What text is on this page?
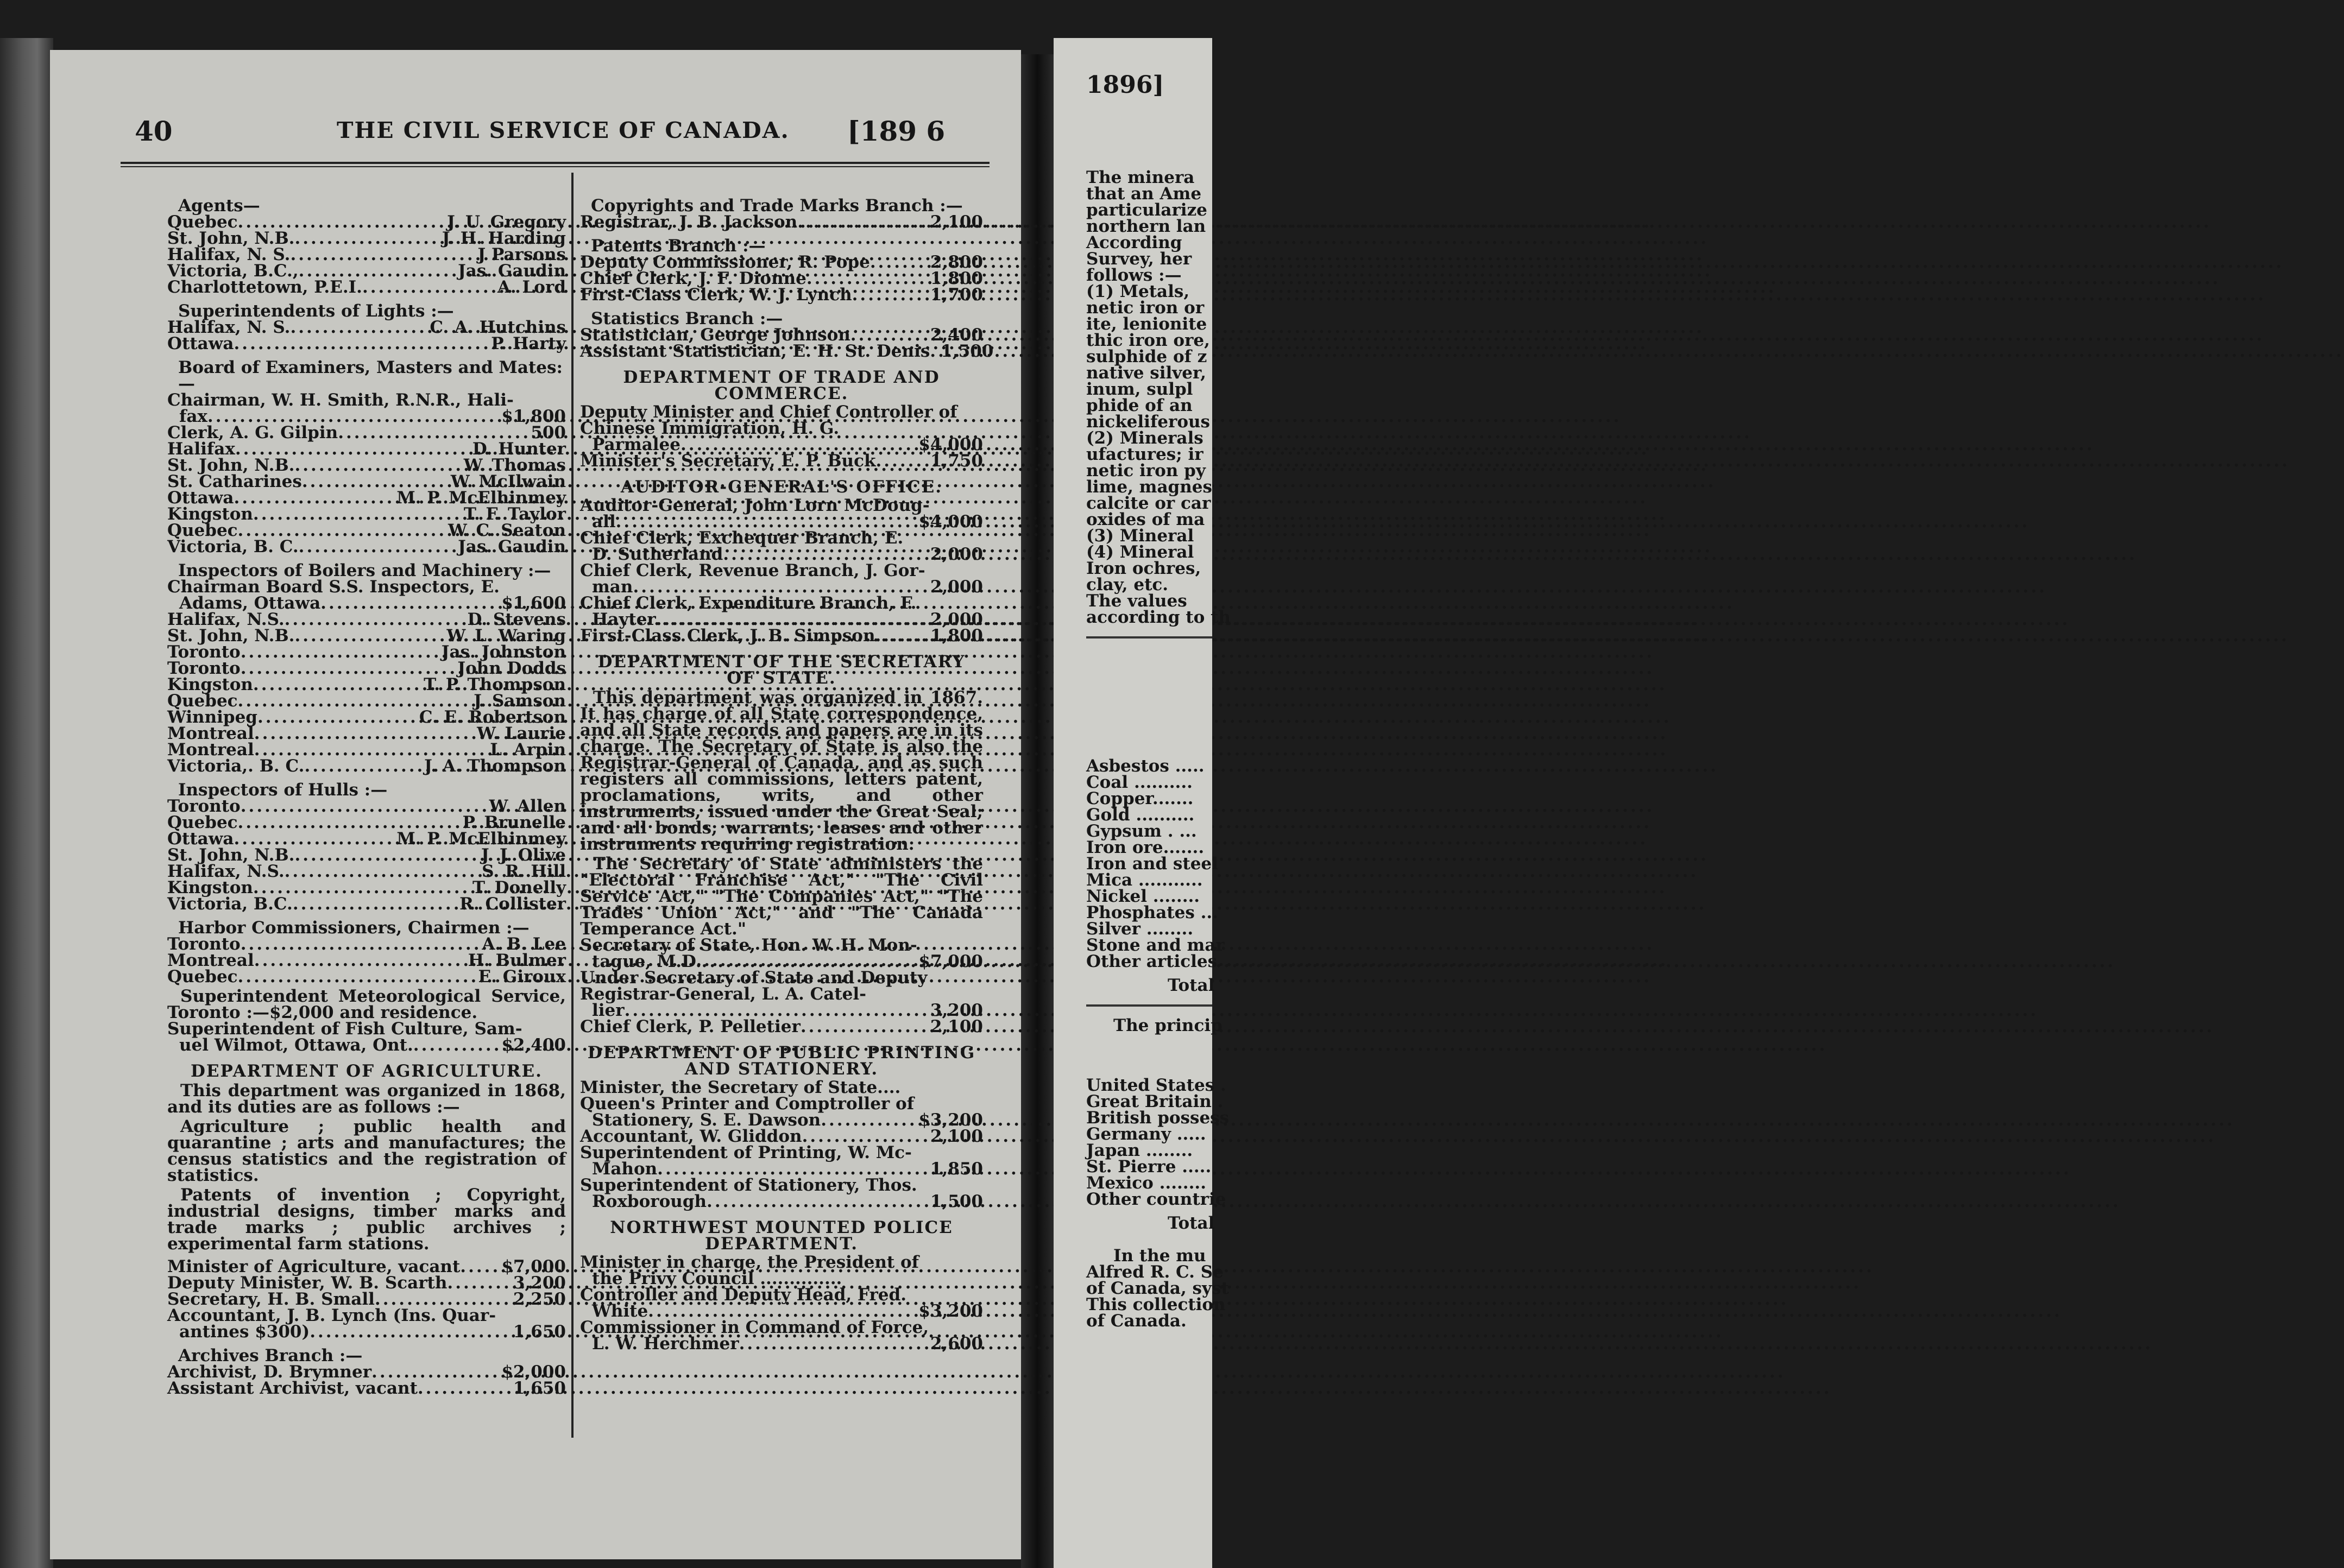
40	THE CIVIL SERVICE OF CANADA. [189 6
Agents—
Quebec .....	J. U. Gregory
St. John, N.B. .....	J. H. Harding
Halifax, N. S. .....	J Parsons
Victoria, B.C., .....	Jas. Gaudin
Charlottetown, P.E.I. .....	A. Lord
Superintendents of Lights :—
Halifax, N. S. .....	C. A. Hutchins
Ottawa .....	P. Harty
Board of Examiners, Masters and Mates:—
Chairman, W. H. Smith, R.N.R., Hali-
fax .....	$1,800
Clerk, A. G. Gilpin .....	500
Halifax .....	D. Hunter
St. John, N.B. .....	W. Thomas
St. Catharines .....	W. McIlwain
Ottawa .....	M. P. McElhinmey
Kingston .....	T. F. Taylor
Quebec .....	W. C. Seaton
Victoria, B. C. .....	Jas. Gaudin
Inspectors of Boilers and Machinery :—
Chairman Board S.S. Inspectors, E.
Adams, Ottawa .....	$1,600
Halifax, N.S. .....	D. Stevens
St. John, N.B. .....	W. L. Waring
Toronto .....	Jas. Johnston
Toronto .....	John Dodds
Kingston .....	T. P. Thompson
Quebec .....	J. Samson
Winnipeg .....	C. E. Robertson
Montreal .....	W. Laurie
Montreal .....	L. Arpin
Victoria,. B. C. .....	J. A. Thompson
Inspectors of Hulls :—
Toronto .....	W. Allen
Quebec .....	P. Brunelle
Ottawa .....	M. P. McElhinmey
St. John, N.B. .....	J. J. Olive
Halifax, N.S. .....	S. R. Hill
Kingston .....	T. Donelly
Victoria, B.C. .....	R. Collister
Harbor Commissioners, Chairmen :—
Toronto .....	A. B. Lee
Montreal .....	H. Bulmer
Quebec .....	E. Giroux
Superintendent Meteorological Service, Toronto :—$2,000 and residence.
Superintendent of Fish Culture, Sam-
uel Wilmot, Ottawa, Ont. .....	$2,400
DEPARTMENT OF AGRICULTURE.
This department was organized in 1868, and its duties are as follows :—
Agriculture ; public health and quarantine ; arts and manufactures; the census statistics and the registration of statistics.
Patents of invention ; Copyright, industrial designs, timber marks and trade marks ; public archives ; experimental farm stations.
Minister of Agriculture, vacant ..... $7,000
Deputy Minister, W. B. Scarth .....	3,200
Secretary, H. B. Small .....	2,250
Accountant, J. B. Lynch (Ins. Quar-
antines $300) .....	1,650
Archives Branch :—
Archivist, D. Brymner .....	$2,000
Assistant Archivist, vacant .....	1,650
Copyrights and Trade Marks Branch :—
Registrar, J. B. Jackson .....	2,100
Patents Branch :—
Deputy Commissioner, R. Pope .....	2,800
Chief Clerk, J. F. Dionne .....	1,800
First-Class Clerk, W. J. Lynch .....	1,700
Statistics Branch :—
Statistician, George Johnson .....	2,400
Assistant Statistician, E. H. St. Denis ..... 1,500
DEPARTMENT OF TRADE AND COMMERCE.
Deputy Minister and Chief Controller of Chinese Immigration, H. G.
Parmalee .....	$4,000
Minister's Secretary, E. P. Buck .....	1,750
AUDITOR-GENERAL'S OFFICE.
Auditor-General, John Lorn McDoug-
all .....	$4,000
Chief Clerk, Exchequer Branch, E.
D. Sutherland .....	2,000
Chief Clerk, Revenue Branch, J. Gor-
man .....	2,000
Chief Clerk, Expenditure Branch, F.
Hayter .....	2,000
First-Class Clerk, J. B. Simpson .....	1,800
DEPARTMENT OF THE SECRETARY OF STATE.
This department was organized in 1867. It has charge of all State correspondence, and all State records and papers are in its charge. The Secretary of State is also the Registrar-General of Canada, and as such registers all commissions, letters patent, proclamations, writs, and other instruments, issued under the Great Seal; and all bonds, warrants, leases and other instruments requiring registration.
The Secretary of State administers the "Electoral Franchise Act," "The Civil Service Act," "The Companies Act," "The Trades Union Act," and "The Canada Temperance Act."
Secretary of State, Hon. W. H. Mon-
tague, M.D. .....	$7,000
Under Secretary of State and Deputy Registrar-General, L. A. Catel-
lier .....	3,200
Chief Clerk, P. Pelletier .....	2,100
DEPARTMENT OF PUBLIC PRINTING AND STATIONERY.
Minister, the Secretary of State....
Queen's Printer and Comptroller of
Stationery, S. E. Dawson .....	$3,200
Accountant, W. Gliddon .....	2,100
Superintendent of Printing, W. Mc-
Mahon .....	1,850
Superintendent of Stationery, Thos.
Roxborough .....	1,500
NORTHWEST MOUNTED POLICE DEPARTMENT.
Minister in charge, the President of
the Privy Council ..............
Controller and Deputy Head, Fred.
White .....	$3,200
Commissioner in Command of Force,
L. W. Herchmer .....	2,600
1896]
The minera
that an Ame
particularize
northern lan
According
Survey, her
follows :—
(1) Metals,
netic iron or
ite, lenionite
thic iron ore,
sulphide of z
native silver,
inum, sulpl
phide of an
nickeliferous
(2) Minerals
ufactures; ir
netic iron py
lime, magnes
calcite or car
oxides of ma
(3) Mineral
(4) Mineral
Iron ochres,
clay, etc.
The values
according to th
Asbestos .....
Coal ..........
Copper.......
Gold ..........
Gypsum . ...
Iron ore.......
Iron and steel
Mica ...........
Nickel ........
Phosphates ...
Silver ........
Stone and mar
Other articles
Total
The princip
United States .
Great Britain .
British possess
Germany .....
Japan ........
St. Pierre .....
Mexico ........
Other countrie
Total
In the mu
Alfred R. C. Se
of Canada, syst
This collection
of Canada.
